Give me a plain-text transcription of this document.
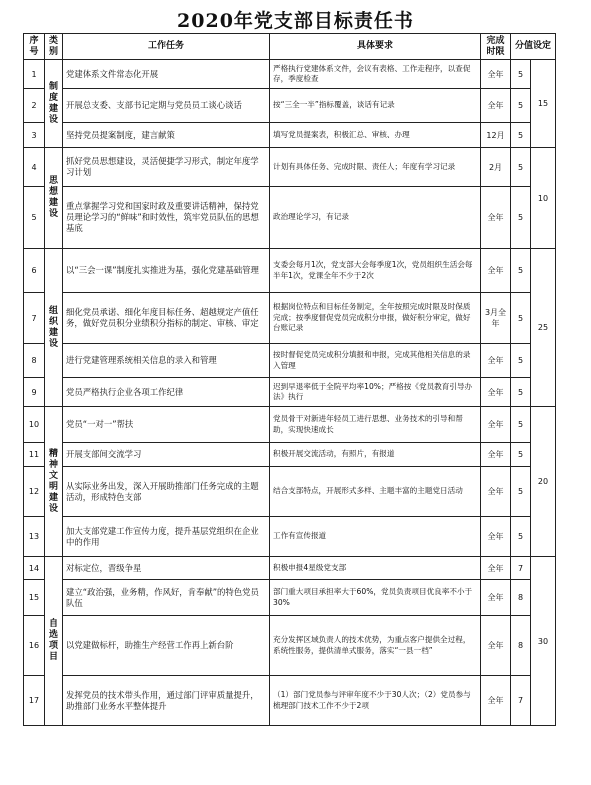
2020年党支部目标责任书
序号	类别	工作任务	具体要求	完成时限	分值设定	
1	制度建设	党建体系文件常态化开展	严格执行党建体系文件，会议有表格、工作走程序，以查促存，季度检查	全年	5	15
2		开展总支委、支部书记定期与党员员工谈心谈话	按“三全一半”指标覆盖，谈话有记录	全年	5	
3		坚持党员提案制度，建言献策	填写党员提案表，积极汇总、审核、办理	12月	5	
4	思想建设	抓好党员思想建设，灵活便捷学习形式，制定年度学习计划	计划有具体任务、完成时限、责任人；年度有学习记录	2月	5	10
5		重点掌握学习党和国家时政及重要讲话精神，保持党员理论学习的“鲜味”和时效性，筑牢党员队伍的思想基底	政治理论学习，有记录	全年	5	
6	组织建设	以“三会一课”制度扎实推进为基，强化党建基础管理	支委会每月1次，党支部大会每季度1次，党员组织生活会每半年1次，党课全年不少于2次	全年	5	25
7		细化党员承诺、细化年度目标任务、超越规定产值任务，做好党员积分业绩积分指标的制定、审核、审定	根据岗位特点和目标任务制定，全年按照完成时限及时保质完成；按季度督促党员完成积分申报，做好积分审定，做好台账记录	3月全年	5	
8		进行党建管理系统相关信息的录入和管理	按时督促党员完成积分填报和申报，完成其他相关信息的录入管理	全年	5	
9		党员严格执行企业各项工作纪律	迟到早退率低于全院平均率10%；严格按《党员教育引导办法》执行	全年	5	
10	精神文明建设	党员“一对一”帮扶	党员骨干对新进年轻员工进行思想、业务技术的引导和帮助，实现快速成长	全年	5	20
11		开展支部间交流学习	积极开展交流活动，有照片，有报道	全年	5	
12		从实际业务出发，深入开展助推部门任务完成的主题活动，形成特色支部	结合支部特点，开展形式多样、主题丰富的主题党日活动	全年	5	
13		加大支部党建工作宣传力度，提升基层党组织在企业中的作用	工作有宣传报道	全年	5	
14	自选项目	对标定位，晋级争星	积极申报4星级党支部	全年	7	30
15		建立“政治强，业务精，作风好，肯奉献”的特色党员队伍	部门重大项目承担率大于60%，党员负责项目优良率不小于30%	全年	8	
16		以党建做标杆，助推生产经营工作再上新台阶	充分发挥区域负责人的技术优势，为重点客户提供全过程，系统性服务，提供清单式服务，落实“一县一档”	全年	8	
17		发挥党员的技术带头作用，通过部门评审质量提升，助推部门业务水平整体提升	（1）部门党员参与评审年度不少于30人次；（2）党员参与梳理部门技术工作不少于2项	全年	7	
